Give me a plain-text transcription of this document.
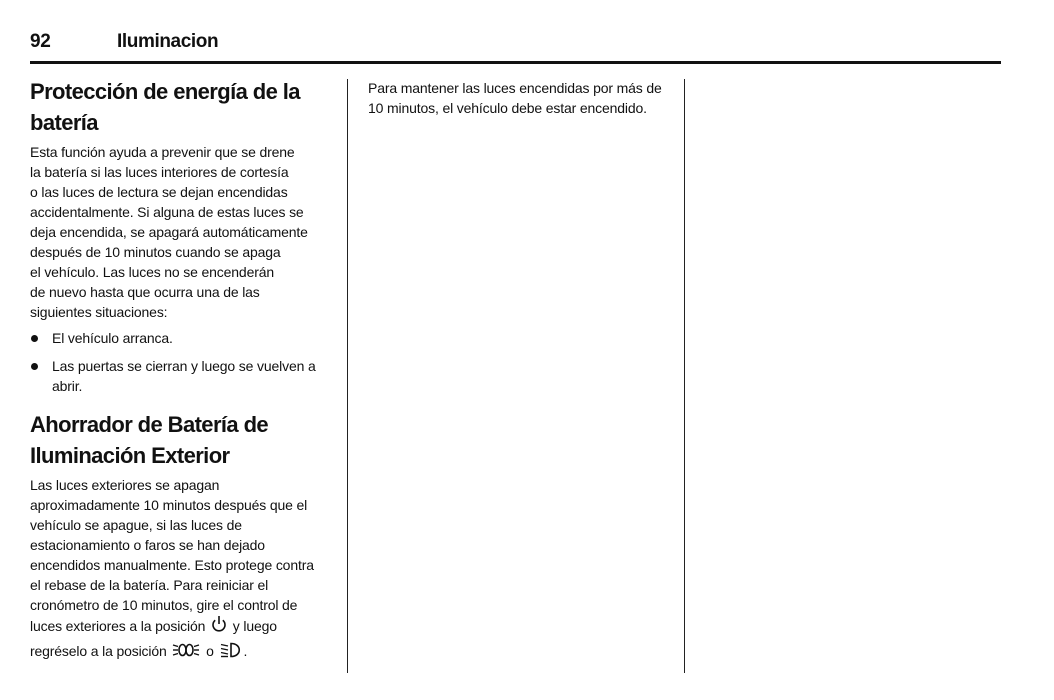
92	Iluminacion
Protección de energía de la
batería

Esta función ayuda a prevenir que se drene
la batería si las luces interiores de cortesía
o las luces de lectura se dejan encendidas
accidentalmente. Si alguna de estas luces se
deja encendida, se apagará automáticamente
después de 10 minutos cuando se apaga
el vehículo. Las luces no se encenderán
de nuevo hasta que ocurra una de las
siguientes situaciones:

El vehículo arranca.
Las puertas se cierran y luego se vuelven a abrir.
Ahorrador de Batería de
Iluminación Exterior

Las luces exteriores se apagan
aproximadamente 10 minutos después que el
vehículo se apague, si las luces de
estacionamiento o faros se han dejado
encendidos manualmente. Esto protege contra
el rebase de la batería. Para reiniciar el
cronómetro de 10 minutos, gire el control de

luces exteriores a la posición y luego
regréselo a la posición	o .

Para mantener las luces encendidas por más de
10 minutos, el vehículo debe estar encendido.
